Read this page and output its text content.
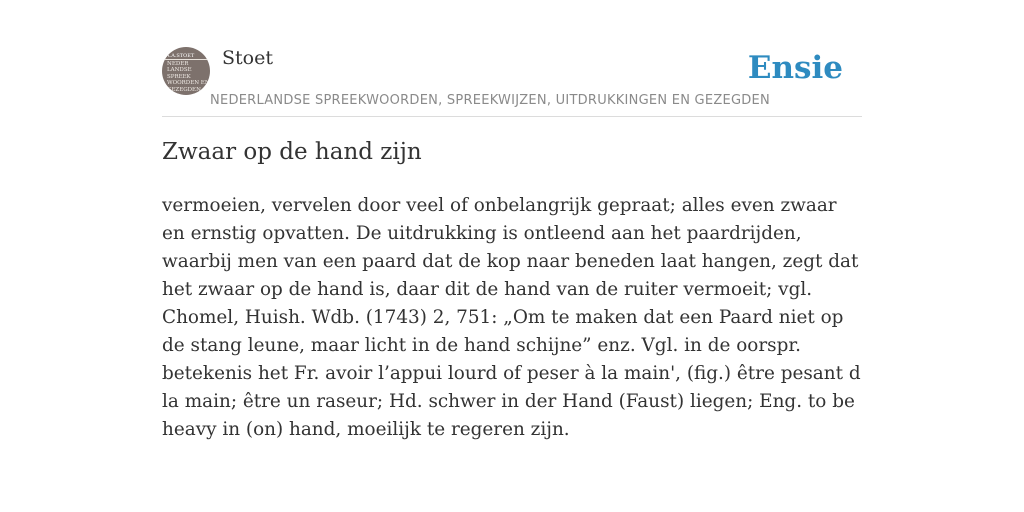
A.A.STOET
NEDER
LANDSE
SPREEK
WOORDEN EN
GEZEGDEN
Stoet
NEDERLANDSE SPREEKWOORDEN, SPREEKWIJZEN, UITDRUKKINGEN EN GEZEGDEN
Ensie
Zwaar op de hand zijn

vermoeien, vervelen door veel of onbelangrijk gepraat; alles even zwaar en ernstig opvatten. De uitdrukking is ontleend aan het paardrijden, waarbij men van een paard dat de kop naar beneden laat hangen, zegt dat het zwaar op de hand is, daar dit de hand van de ruiter vermoeit; vgl. Chomel, Huish. Wdb. (1743) 2, 751: „Om te maken dat een Paard niet op de stang leune, maar licht in de hand schijne” enz. Vgl. in de oorspr. betekenis het Fr. avoir l’appui lourd of peser à la main', (fig.) être pesant d la main; être un raseur; Hd. schwer in der Hand (Faust) liegen; Eng. to be heavy in (on) hand, moeilijk te regeren zijn.
